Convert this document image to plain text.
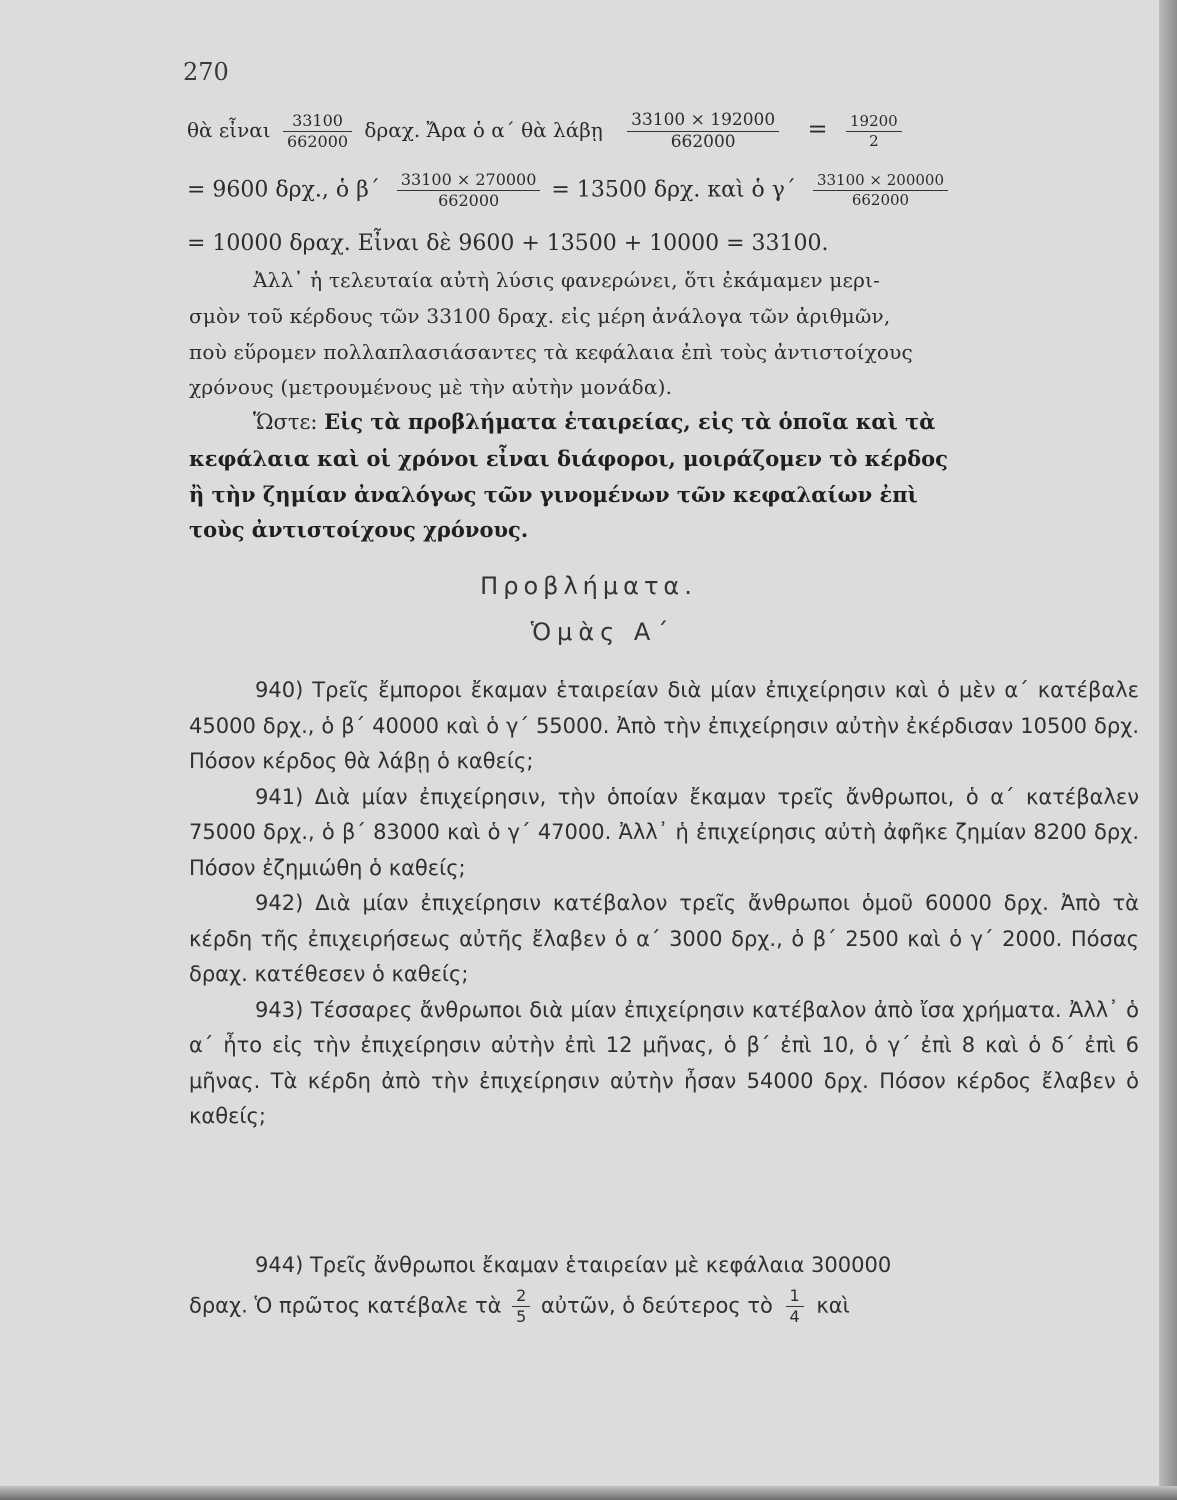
270
θὰ εἶναι $\frac{33100}{662000} \delta\rho\alpha\chi$. Ἄρα ὁ α΄ θὰ λάβῃ $\frac{33100 \times 192000}{662000} = \frac{19200}{2}$
= 9600 δρχ., ὁ $\beta΄ \frac{33100 \times 270000}{662000} = 13500$ δρχ. καὶ ὁ $\gamma΄ \frac{33100 \times 200000}{662000}$
= 10000 δραχ. Εἶναι δὲ 9600 + 13500 + 10000 = 33100.
Ἀλλ᾿ ἡ τελευταία αὐτὴ λύσις φανερώνει, ὅτι ἐκάμαμεν μερι-
σμὸν τοῦ κέρδους τῶν 33100 δραχ. εἰς μέρη ἀνάλογα τῶν ἀριθμῶν,
ποὺ εὕρομεν πολλαπλασιάσαντες τὰ κεφάλαια ἐπὶ τοὺς ἀντιστοίχους
χρόνους (μετρουμένους μὲ τὴν αὐτὴν μονάδα).
Ὥστε: Εἰς τὰ προβλήματα ἑταιρείας, εἰς τὰ ὁποῖα καὶ τὰ
κεφάλαια καὶ οἱ χρόνοι εἶναι διάφοροι, μοιράζομεν τὸ κέρδος
ἢ τὴν ζημίαν ἀναλόγως τῶν γινομένων τῶν κεφαλαίων ἐπὶ
τοὺς ἀντιστοίχους χρόνους.
Προβλήματα.
Ὁμὰς Α΄

940) Τρεῖς ἔμποροι ἔκαμαν ἑταιρείαν διὰ μίαν ἐπιχείρησιν καὶ ὁ μὲν α΄ κατέβαλε 45000 δρχ., ὁ β΄ 40000 καὶ ὁ γ΄ 55000. Ἀπὸ τὴν ἐπιχείρησιν αὐτὴν ἐκέρδισαν 10500 δρχ. Πόσον κέρδος θὰ λάβῃ ὁ καθείς;

941) Διὰ μίαν ἐπιχείρησιν, τὴν ὁποίαν ἔκαμαν τρεῖς ἄνθρωποι, ὁ α΄ κατέβαλεν 75000 δρχ., ὁ β΄ 83000 καὶ ὁ γ΄ 47000. Ἀλλ᾿ ἡ ἐπιχείρησις αὐτὴ ἀφῆκε ζημίαν 8200 δρχ. Πόσον ἐζημιώθη ὁ καθείς;

942) Διὰ μίαν ἐπιχείρησιν κατέβαλον τρεῖς ἄνθρωποι ὁμοῦ 60000 δρχ. Ἀπὸ τὰ κέρδη τῆς ἐπιχειρήσεως αὐτῆς ἔλαβεν ὁ α΄ 3000 δρχ., ὁ β΄ 2500 καὶ ὁ γ΄ 2000. Πόσας δραχ. κατέθεσεν ὁ καθείς;

943) Τέσσαρες ἄνθρωποι διὰ μίαν ἐπιχείρησιν κατέβαλον ἀπὸ ἴσα χρήματα. Ἀλλ᾿ ὁ α΄ ἦτο εἰς τὴν ἐπιχείρησιν αὐτὴν ἐπὶ 12 μῆνας, ὁ β΄ ἐπὶ 10, ὁ γ΄ ἐπὶ 8 καὶ ὁ δ΄ ἐπὶ 6 μῆνας. Τὰ κέρδη ἀπὸ τὴν ἐπιχείρησιν αὐτὴν ἦσαν 54000 δρχ. Πόσον κέρδος ἔλαβεν ὁ καθείς;

944) Τρεῖς ἄνθρωποι ἔκαμαν ἑταιρείαν μὲ κεφάλαια 300000
δραχ. Ὁ πρῶτος κατέβαλε τὰ $\frac{2}{5}$ αὐτῶν, ὁ δεύτερος τὸ $\frac{1}{4}$ καὶ
